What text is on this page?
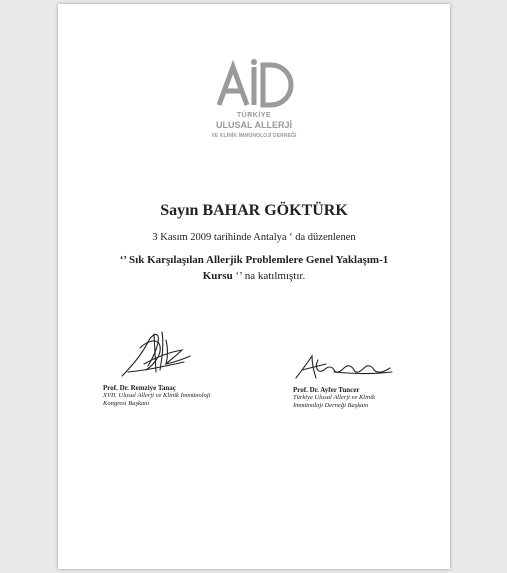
TÜRKİYE
ULUSAL ALLERJİ
VE KLİNİK İMMÜNOLOJİ DERNEĞİ
Sayın BAHAR GÖKTÜRK
3 Kasım 2009 tarihinde Antalya ‘ da düzenlenen
‘’ Sık Karşılaşılan Allerjik Problemlere Genel Yaklaşım-1
Kursu ‘’ na katılmıştır.
Prof. Dr. Remziye Tanaç
XVII. Ulusal Allerji ve Klinik İmmünoloji
Kongresi Başkanı
Prof. Dr. Ayfer Tuncer
Türkiye Ulusal Allerji ve Klinik
İmmünoloji Derneği Başkanı
